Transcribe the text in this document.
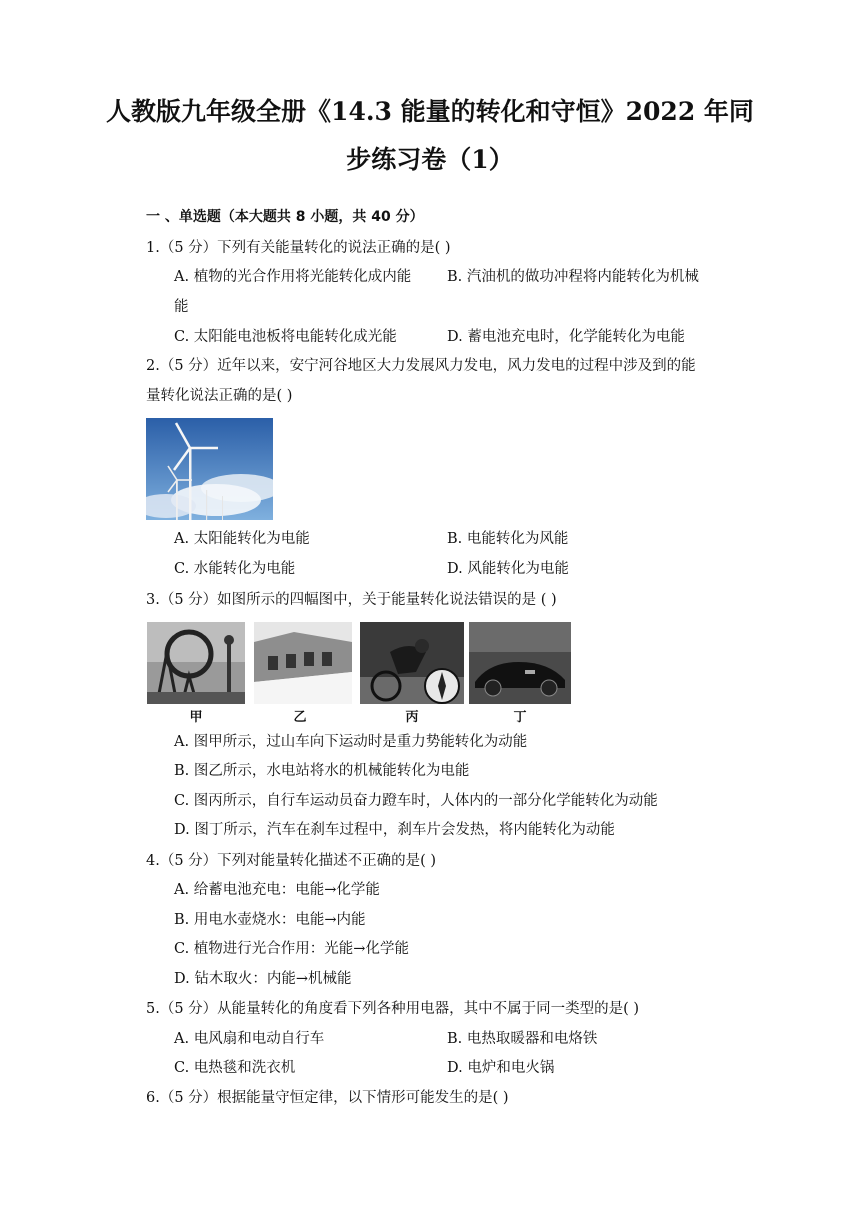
人教版九年级全册《14.3 能量的转化和守恒》2022 年同
步练习卷（1）
一 、单选题（本大题共 8 小题，共 40 分）
1.（5 分）下列有关能量转化的说法正确的是( )
A. 植物的光合作用将光能转化成内能 B. 汽油机的做功冲程将内能转化为机械
能
C. 太阳能电池板将电能转化成光能	D. 蓄电池充电时，化学能转化为电能
2.（5 分）近年以来，安宁河谷地区大力发展风力发电，风力发电的过程中涉及到的能
量转化说法正确的是( )
A. 太阳能转化为电能	B. 电能转化为风能
C. 水能转化为电能	D. 风能转化为电能
3.（5 分）如图所示的四幅图中，关于能量转化说法错误的是 ( )
甲	乙	丙	丁
A. 图甲所示，过山车向下运动时是重力势能转化为动能
B. 图乙所示，水电站将水的机械能转化为电能
C. 图丙所示，自行车运动员奋力蹬车时，人体内的一部分化学能转化为动能
D. 图丁所示，汽车在刹车过程中，刹车片会发热，将内能转化为动能
4.（5 分）下列对能量转化描述不正确的是( )
A. 给蓄电池充电：电能→化学能
B. 用电水壶烧水：电能→内能
C. 植物进行光合作用：光能→化学能
D. 钻木取火：内能→机械能
5.（5 分）从能量转化的角度看下列各种用电器，其中不属于同一类型的是( )
A. 电风扇和电动自行车	B. 电热取暖器和电烙铁
C. 电热毯和洗衣机	D. 电炉和电火锅
6.（5 分）根据能量守恒定律，以下情形可能发生的是( )
